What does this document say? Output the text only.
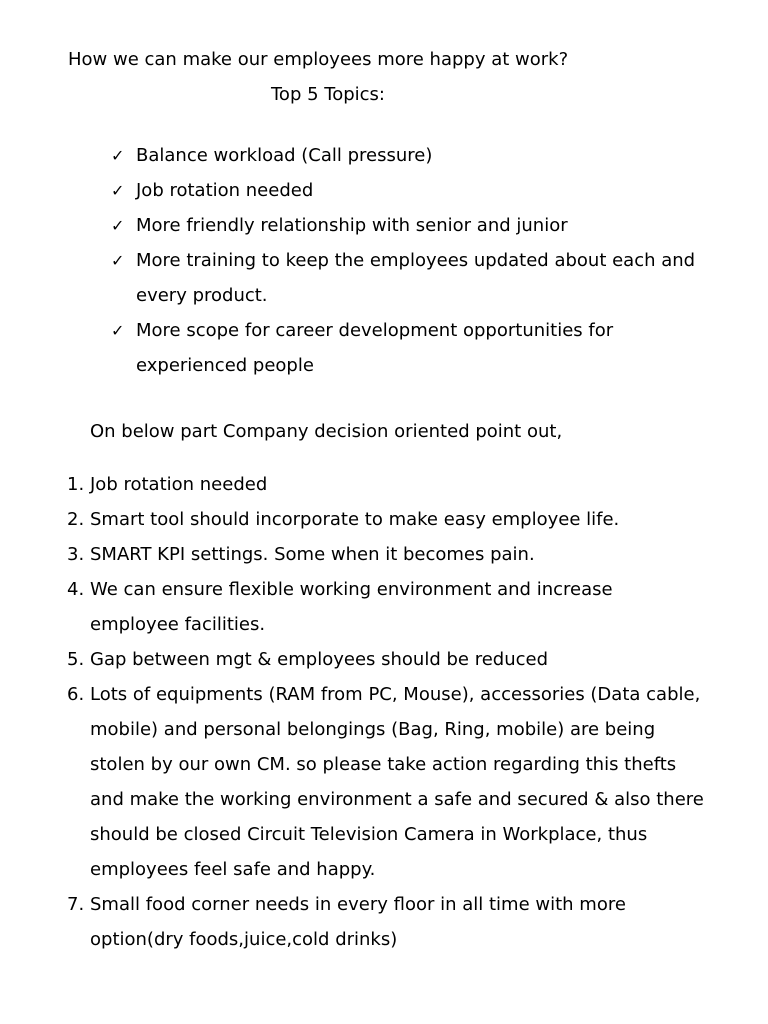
How we can make our employees more happy at work?
Top 5 Topics:
✓ Balance workload (Call pressure)
✓ Job rotation needed
✓ More friendly relationship with senior and junior
✓ More training to keep the employees updated about each and every product.
✓ More scope for career development opportunities for experienced people
On below part Company decision oriented point out,
1. Job rotation needed
2. Smart tool should incorporate to make easy employee life.
3. SMART KPI settings. Some when it becomes pain.
4. We can ensure flexible working environment and increase employee facilities.
5. Gap between mgt & employees should be reduced
6. Lots of equipments (RAM from PC, Mouse), accessories (Data cable, mobile) and personal belongings (Bag, Ring, mobile) are being stolen by our own CM. so please take action regarding this thefts and make the working environment a safe and secured & also there should be closed Circuit Television Camera in Workplace, thus employees feel safe and happy.
7. Small food corner needs in every floor in all time with more option(dry foods,juice,cold drinks)
